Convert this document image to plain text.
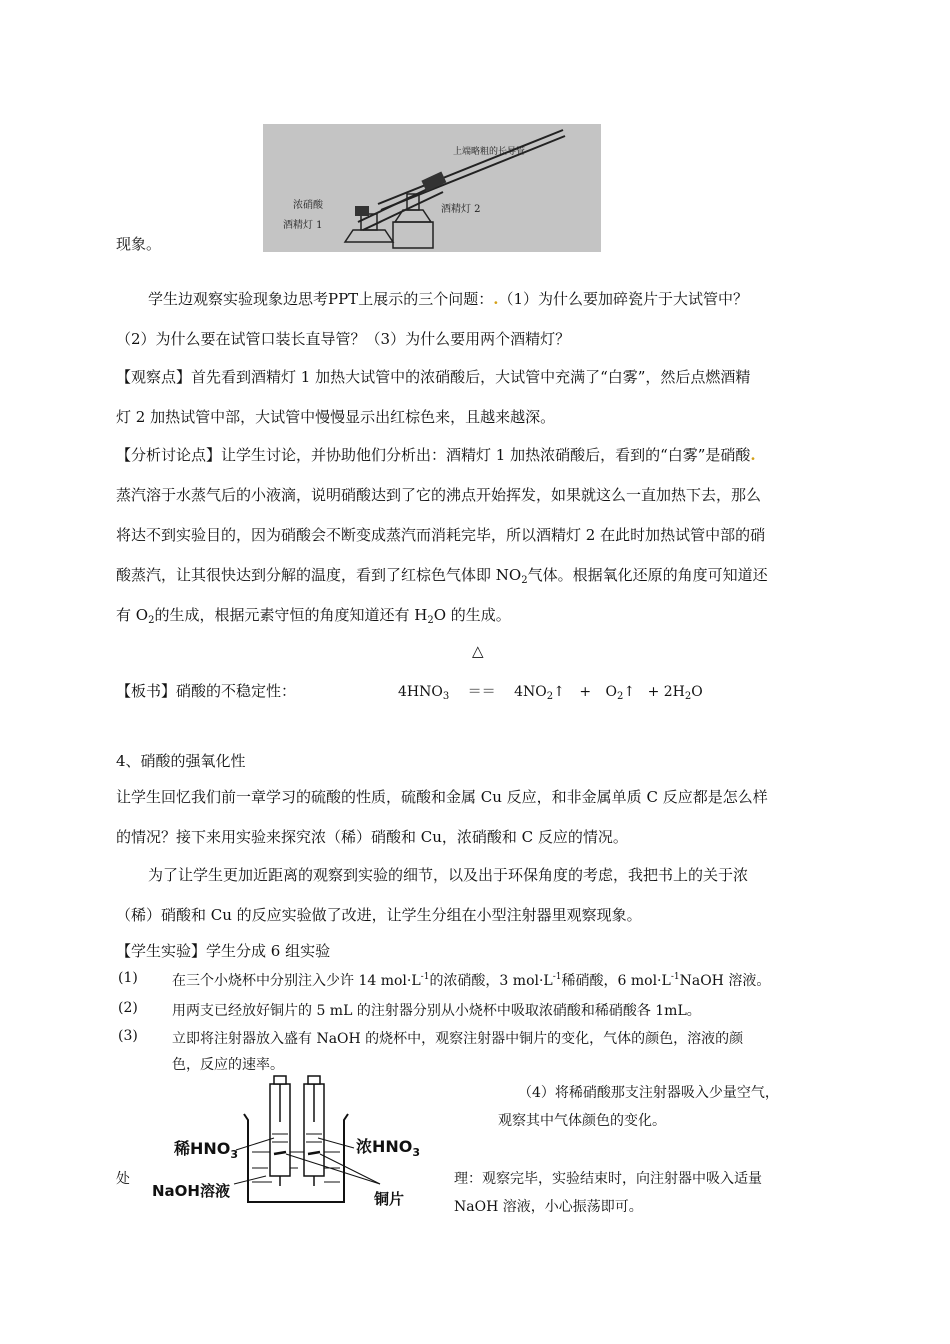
上端略粗的长导管
浓硝酸	酒精灯 2
酒精灯 1
现象。
学生边观察实验现象边思考PPT上展示的三个问题：.（1）为什么要加碎瓷片于大试管中？
（2）为什么要在试管口装长直导管？（3）为什么要用两个酒精灯？
【观察点】首先看到酒精灯 1 加热大试管中的浓硝酸后，大试管中充满了“白雾”，然后点燃酒精
灯 2 加热试管中部，大试管中慢慢显示出红棕色来，且越来越深。
【分析讨论点】让学生讨论，并协助他们分析出：酒精灯 1 加热浓硝酸后，看到的“白雾”是硝酸.
蒸汽溶于水蒸气后的小液滴，说明硝酸达到了它的沸点开始挥发，如果就这么一直加热下去，那么
将达不到实验目的，因为硝酸会不断变成蒸汽而消耗完毕，所以酒精灯 2 在此时加热试管中部的硝
酸蒸汽，让其很快达到分解的温度，看到了红棕色气体即 $NO_2$气体。根据氧化还原的角度可知道还
有 $O_2$的生成，根据元素守恒的角度知道还有 $H_2O$ 的生成。
△
【板书】硝酸的不稳定性：	$4HNO_3$ ＝＝ $4NO_2↑$ + $O_2↑ + 2H_2O$
4、硝酸的强氧化性
让学生回忆我们前一章学习的硫酸的性质，硫酸和金属 Cu 反应，和非金属单质 C 反应都是怎么样
的情况？接下来用实验来探究浓（稀）硝酸和 Cu，浓硝酸和 C 反应的情况。
为了让学生更加近距离的观察到实验的细节，以及出于环保角度的考虑，我把书上的关于浓
（稀）硝酸和 Cu 的反应实验做了改进，让学生分组在小型注射器里观察现象。
【学生实验】学生分成 6 组实验
(1) 在三个小烧杯中分别注入少许 14 $mol\cdot L^{-1}$的浓硝酸，3 $mol\cdot L^{-1}$稀硝酸，6 $mol\cdot L^{-1}NaOH$ 溶液。
(2) 用两支已经放好铜片的 5 mL 的注射器分别从小烧杯中吸取浓硝酸和稀硝酸各 1mL。
(3) 立即将注射器放入盛有 NaOH 的烧杯中，观察注射器中铜片的变化，气体的颜色，溶液的颜
色，反应的速率。
（4）将稀硝酸那支注射器吸入少量空气，
观察其中气体颜色的变化。
稀$HNO_3$	浓$HNO_3$
NaOH溶液	铜片
处	理：观察完毕，实验结束时，向注射器中吸入适量
NaOH 溶液，小心振荡即可。
